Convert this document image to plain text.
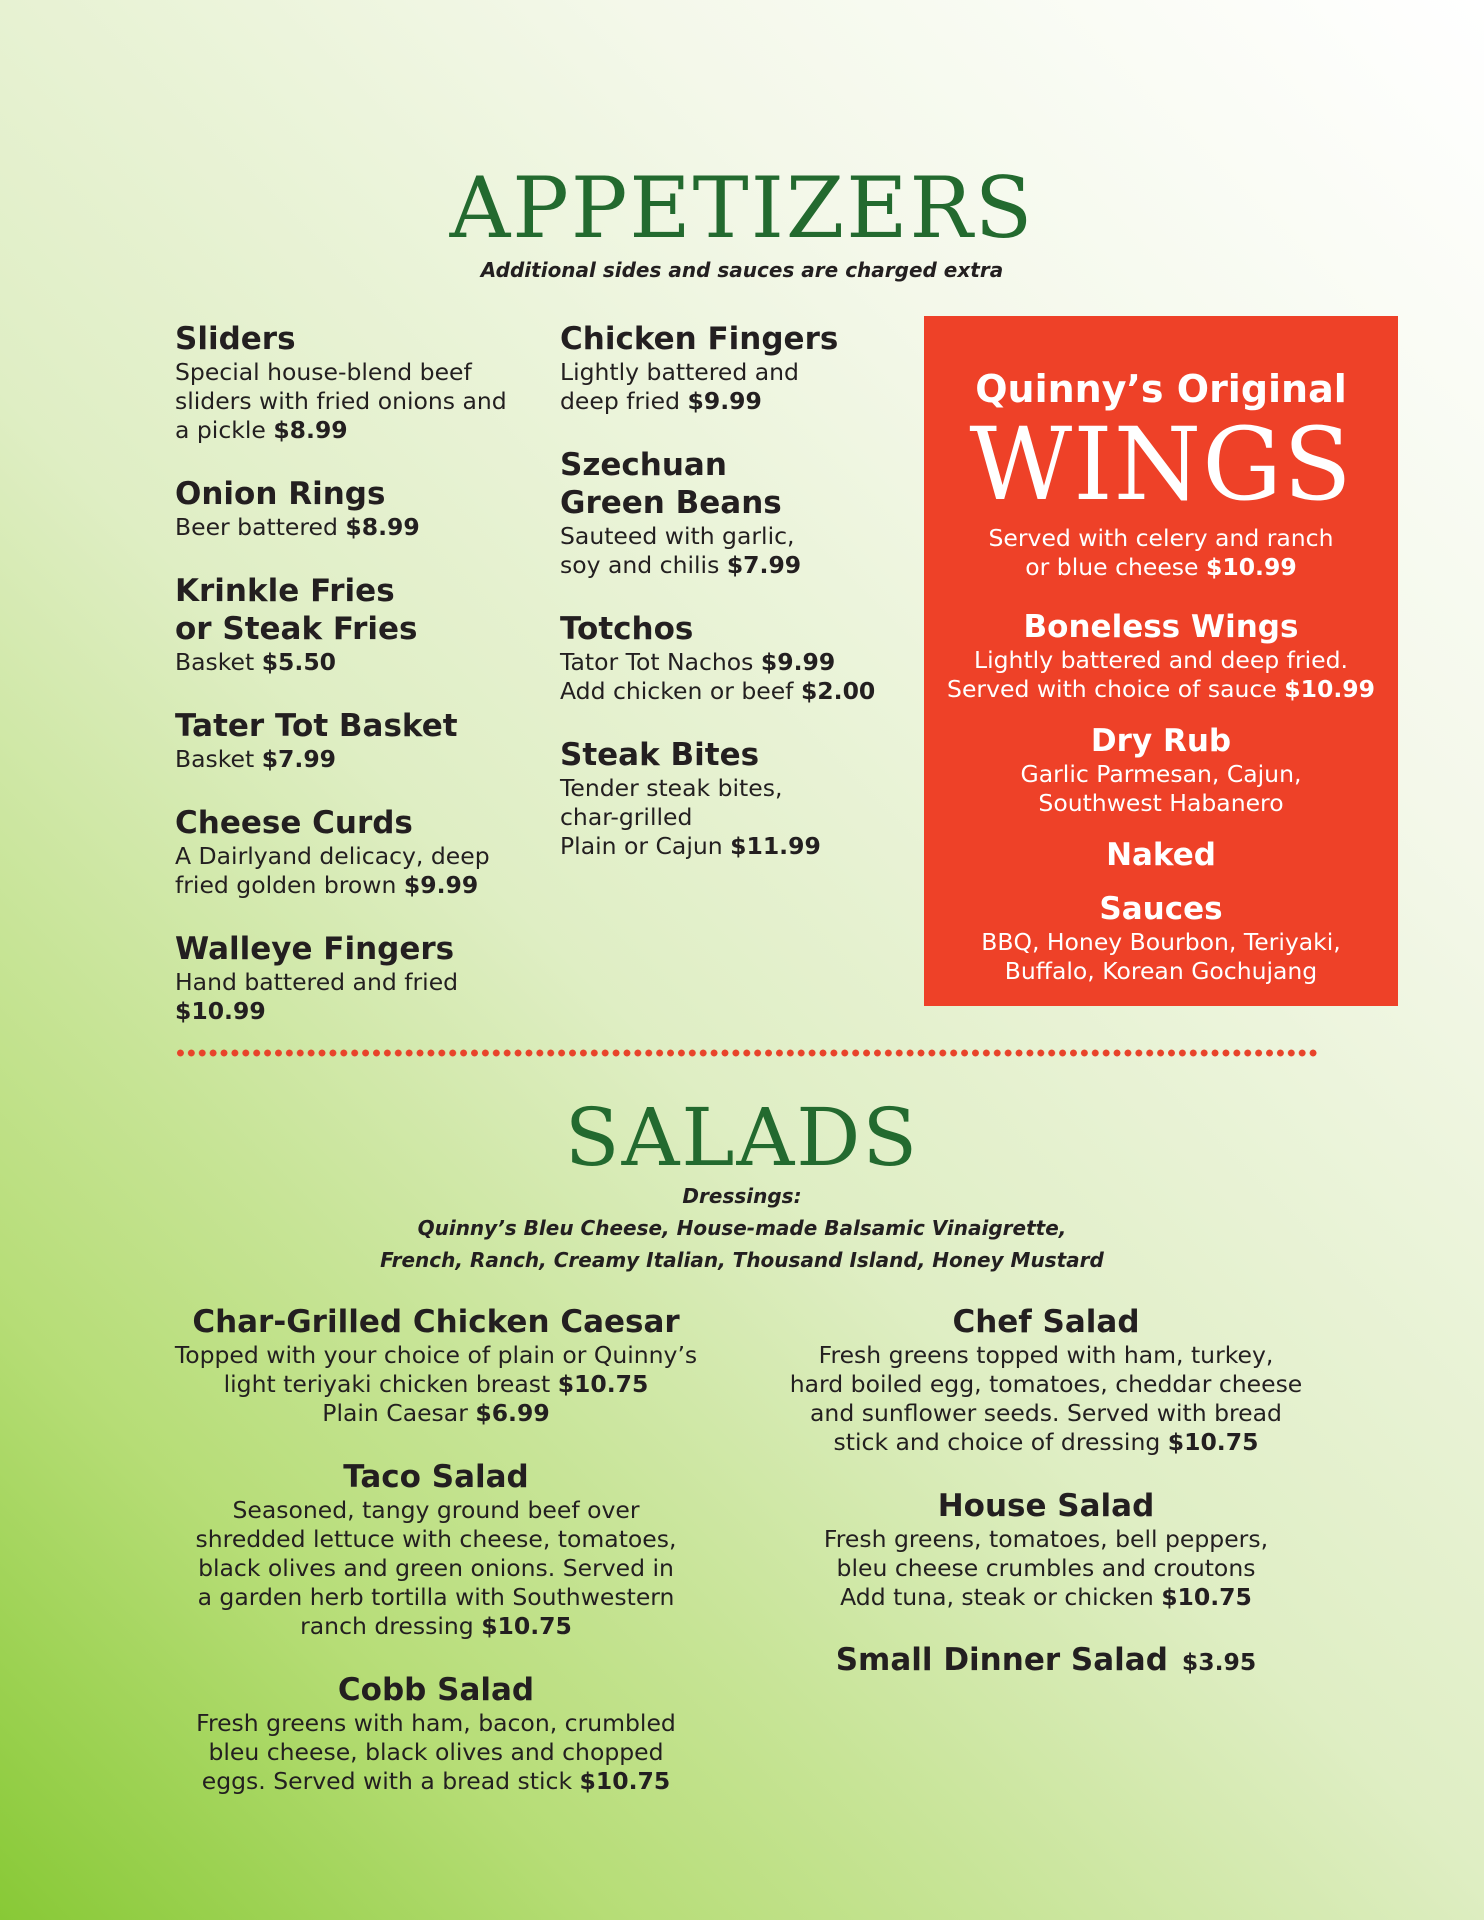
APPETIZERS

Additional sides and sauces are charged extra

Sliders

Special house-blend beef
sliders with fried onions and
a pickle $8.99

Onion Rings

Beer battered $8.99

Krinkle Fries
or Steak Fries

Basket $5.50

Tater Tot Basket

Basket $7.99

Cheese Curds

A Dairlyand delicacy, deep
fried golden brown $9.99

Walleye Fingers

Hand battered and fried $10.99

Chicken Fingers

Lightly battered and
deep fried $9.99

Szechuan
Green Beans

Sauteed with garlic,
soy and chilis $7.99

Totchos

Tator Tot Nachos $9.99
Add chicken or beef $2.00

Steak Bites

Tender steak bites,
char-grilled
Plain or Cajun $11.99

Quinny’s Original
WINGS

Served with celery and ranch
or blue cheese $10.99

Boneless Wings

Lightly battered and deep fried.
Served with choice of sauce $10.99

Dry Rub

Garlic Parmesan, Cajun,
Southwest Habanero

Naked
Sauces

BBQ, Honey Bourbon, Teriyaki,
Buffalo, Korean Gochujang

SALADS
Dressings:
Quinny’s Bleu Cheese, House-made Balsamic Vinaigrette,
French, Ranch, Creamy Italian, Thousand Island, Honey Mustard
Char-Grilled Chicken Caesar

Topped with your choice of plain or Quinny’s
light teriyaki chicken breast $10.75
Plain Caesar $6.99

Taco Salad

Seasoned, tangy ground beef over
shredded lettuce with cheese, tomatoes,
black olives and green onions. Served in
a garden herb tortilla with Southwestern
ranch dressing $10.75

Cobb Salad

Fresh greens with ham, bacon, crumbled
bleu cheese, black olives and chopped
eggs. Served with a bread stick $10.75

Chef Salad

Fresh greens topped with ham, turkey,
hard boiled egg, tomatoes, cheddar cheese
and sunflower seeds. Served with bread
stick and choice of dressing $10.75

House Salad

Fresh greens, tomatoes, bell peppers,
bleu cheese crumbles and croutons
Add tuna, steak or chicken $10.75

Small Dinner Salad $3.95
